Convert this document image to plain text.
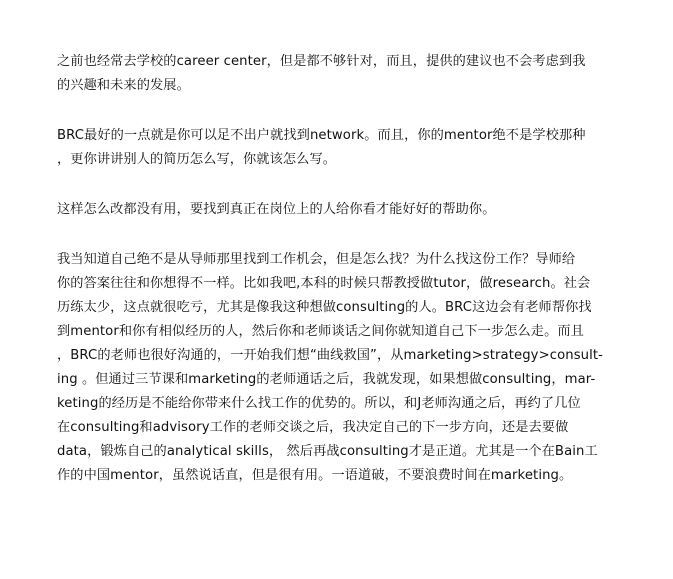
之前也经常去学校的career center，但是都不够针对，而且，提供的建议也不会考虑到我
的兴趣和未来的发展。
BRC最好的一点就是你可以足不出户就找到network。而且，你的mentor绝不是学校那种
，更你讲讲别人的简历怎么写，你就该怎么写。
这样怎么改都没有用，要找到真正在岗位上的人给你看才能好好的帮助你。
我当知道自己绝不是从导师那里找到工作机会，但是怎么找？为什么找这份工作？导师给
你的答案往往和你想得不一样。比如我吧,本科的时候只帮教授做tutor，做research。社会
历练太少，这点就很吃亏，尤其是像我这种想做consulting的人。BRC这边会有老师帮你找
到mentor和你有相似经历的人，然后你和老师谈话之间你就知道自己下一步怎么走。而且
，BRC的老师也很好沟通的，一开始我们想“曲线救国”，从marketing>strategy>consult-
ing 。但通过三节课和marketing的老师通话之后，我就发现，如果想做consulting，mar-
keting的经历是不能给你带来什么找工作的优势的。所以，和J老师沟通之后，再约了几位
在consulting和advisory工作的老师交谈之后，我决定自己的下一步方向，还是去要做
data，锻炼自己的analytical skills， 然后再战consulting才是正道。尤其是一个在Bain工
作的中国mentor，虽然说话直，但是很有用。一语道破，不要浪费时间在marketing。
